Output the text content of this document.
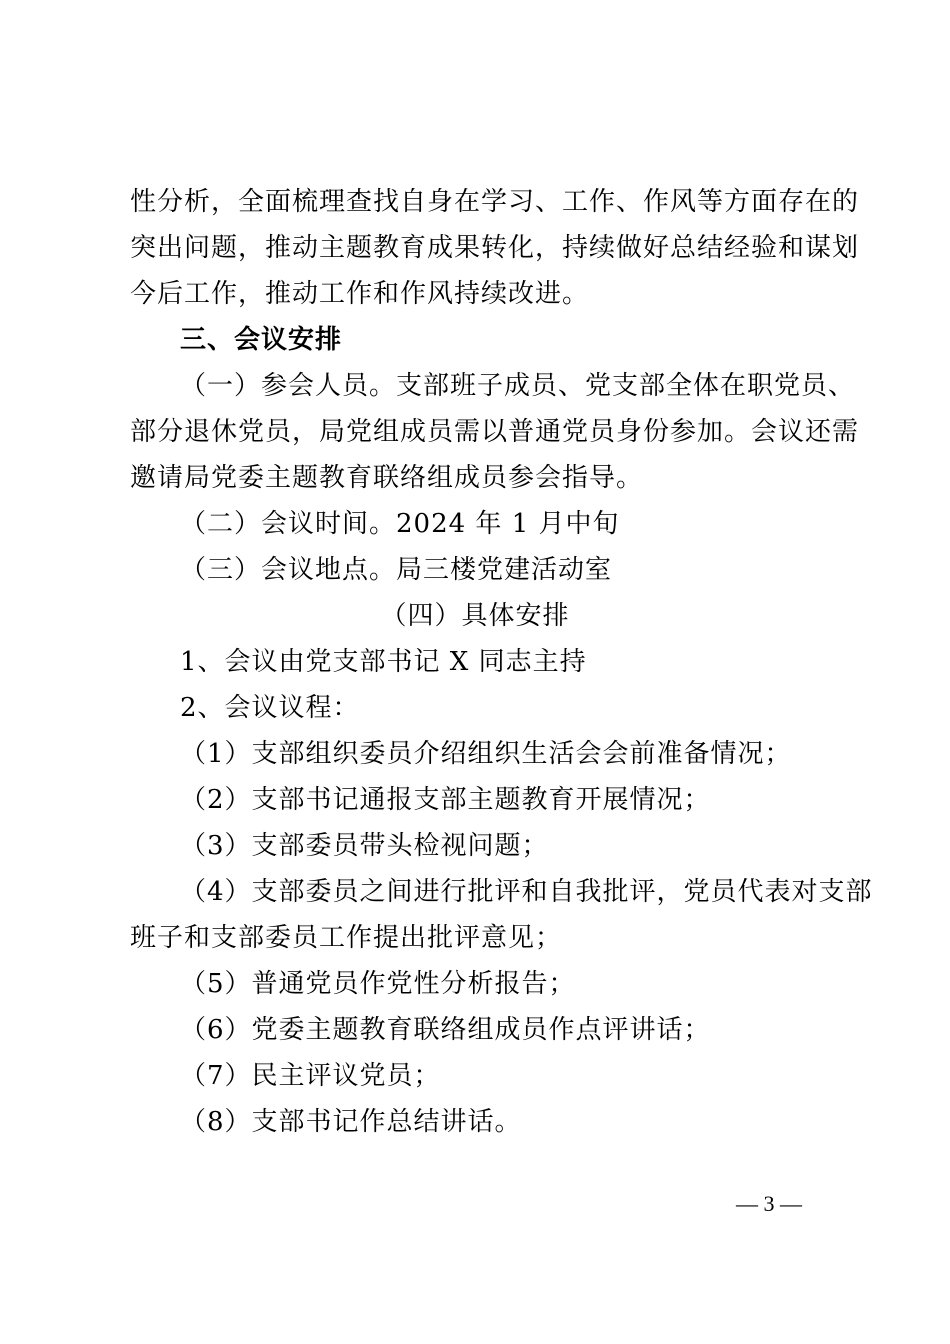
性分析，全面梳理查找自身在学习、工作、作风等方面存在的
突出问题，推动主题教育成果转化，持续做好总结经验和谋划
今后工作，推动工作和作风持续改进。
三、会议安排
（一）参会人员。支部班子成员、党支部全体在职党员、
部分退休党员，局党组成员需以普通党员身份参加。会议还需
邀请局党委主题教育联络组成员参会指导。
（二）会议时间。2024 年 1 月中旬
（三）会议地点。局三楼党建活动室
（四）具体安排
1、会议由党支部书记 X 同志主持
2、会议议程：
（1）支部组织委员介绍组织生活会会前准备情况；
（2）支部书记通报支部主题教育开展情况；
（3）支部委员带头检视问题；
（4）支部委员之间进行批评和自我批评，党员代表对支部
班子和支部委员工作提出批评意见；
（5）普通党员作党性分析报告；
（6）党委主题教育联络组成员作点评讲话；
（7）民主评议党员；
（8）支部书记作总结讲话。
— 3 —
